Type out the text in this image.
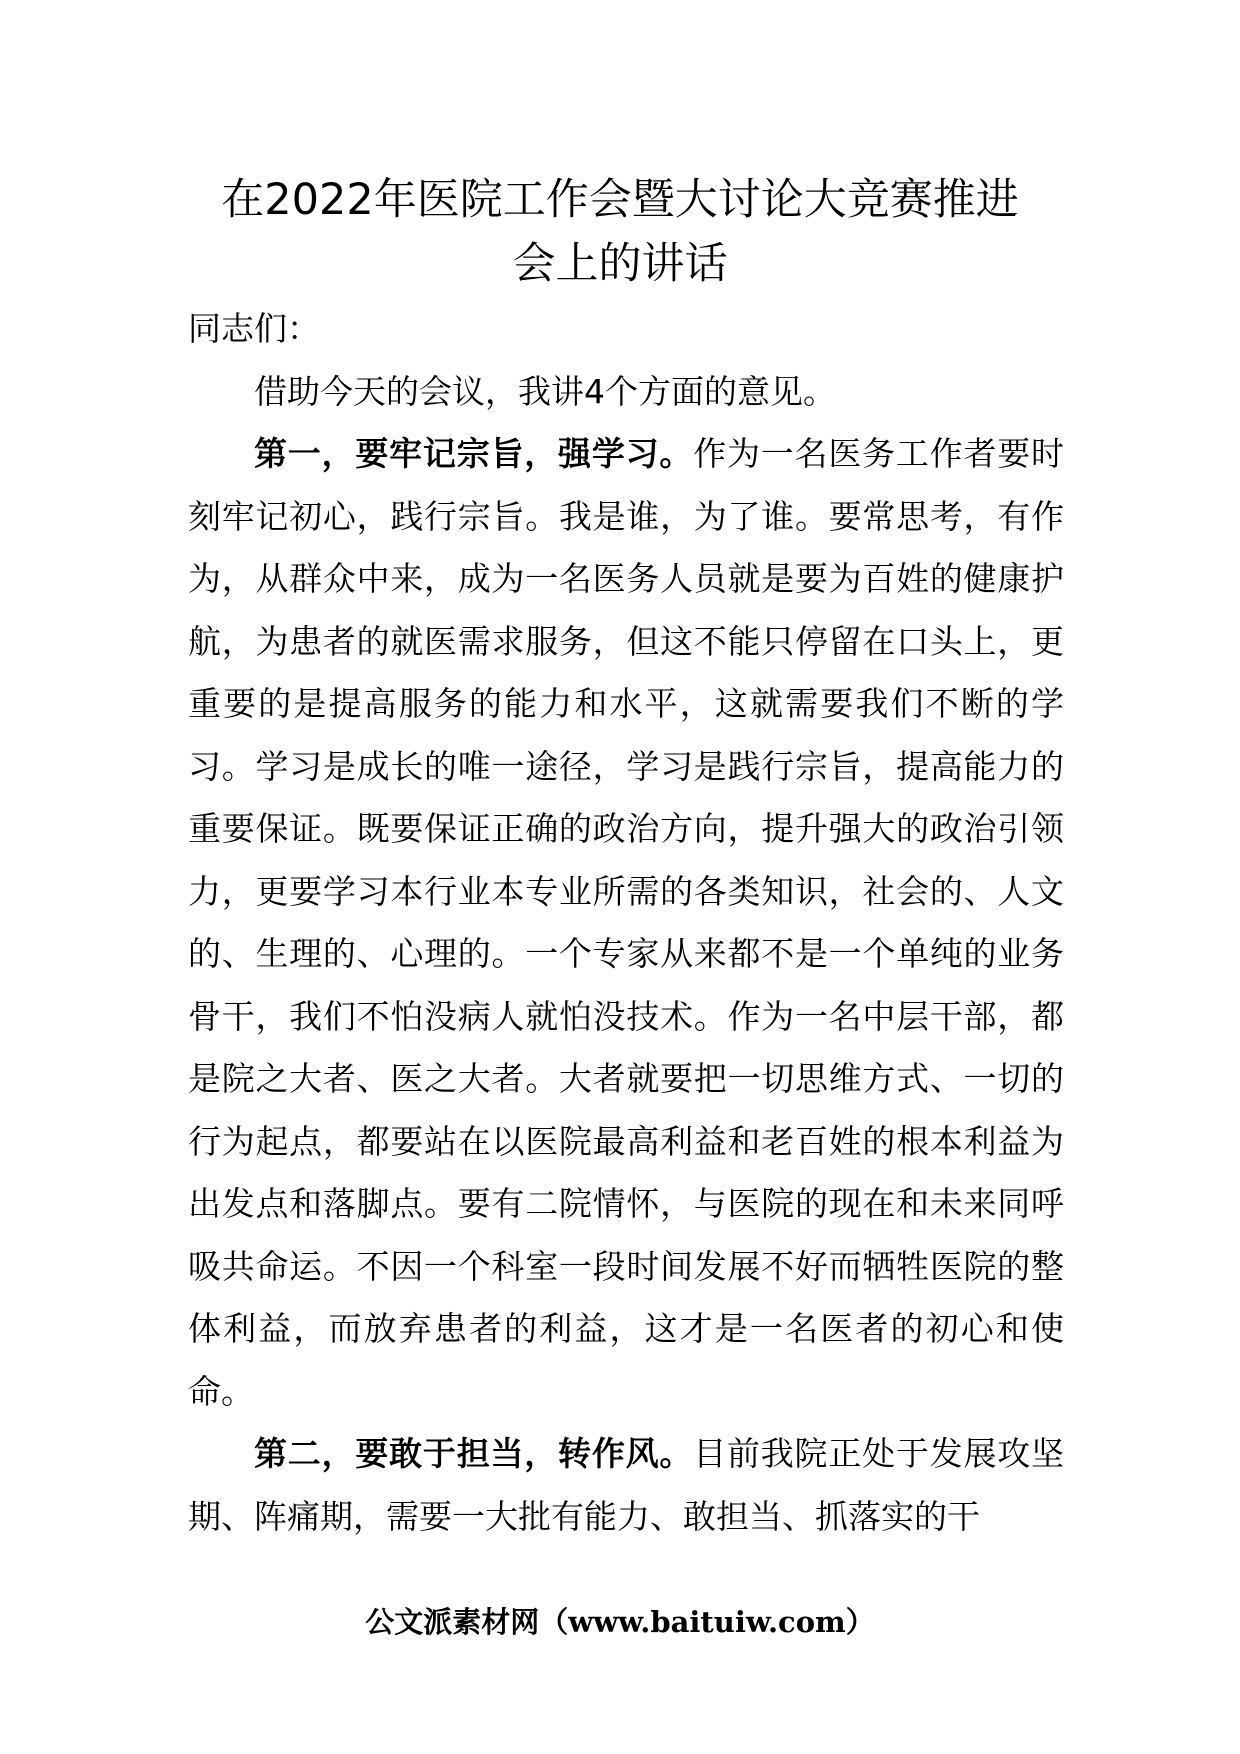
在2022年医院工作会暨大讨论大竞赛推进
会上的讲话

同志们：

借助今天的会议，我讲4个方面的意见。

第一，要牢记宗旨，强学习。作为一名医务工作者要时刻牢记初心，践行宗旨。我是谁，为了谁。要常思考，有作为，从群众中来，成为一名医务人员就是要为百姓的健康护航，为患者的就医需求服务，但这不能只停留在口头上，更重要的是提高服务的能力和水平，这就需要我们不断的学习。学习是成长的唯一途径，学习是践行宗旨，提高能力的重要保证。既要保证正确的政治方向，提升强大的政治引领力，更要学习本行业本专业所需的各类知识，社会的、人文的、生理的、心理的。一个专家从来都不是一个单纯的业务骨干，我们不怕没病人就怕没技术。作为一名中层干部，都是院之大者、医之大者。大者就要把一切思维方式、一切的行为起点，都要站在以医院最高利益和老百姓的根本利益为出发点和落脚点。要有二院情怀，与医院的现在和未来同呼吸共命运。不因一个科室一段时间发展不好而牺牲医院的整体利益，而放弃患者的利益，这才是一名医者的初心和使命。

第二，要敢于担当，转作风。目前我院正处于发展攻坚期、阵痛期，需要一大批有能力、敢担当、抓落实的干

公文派素材网（www.baituiw.com）
